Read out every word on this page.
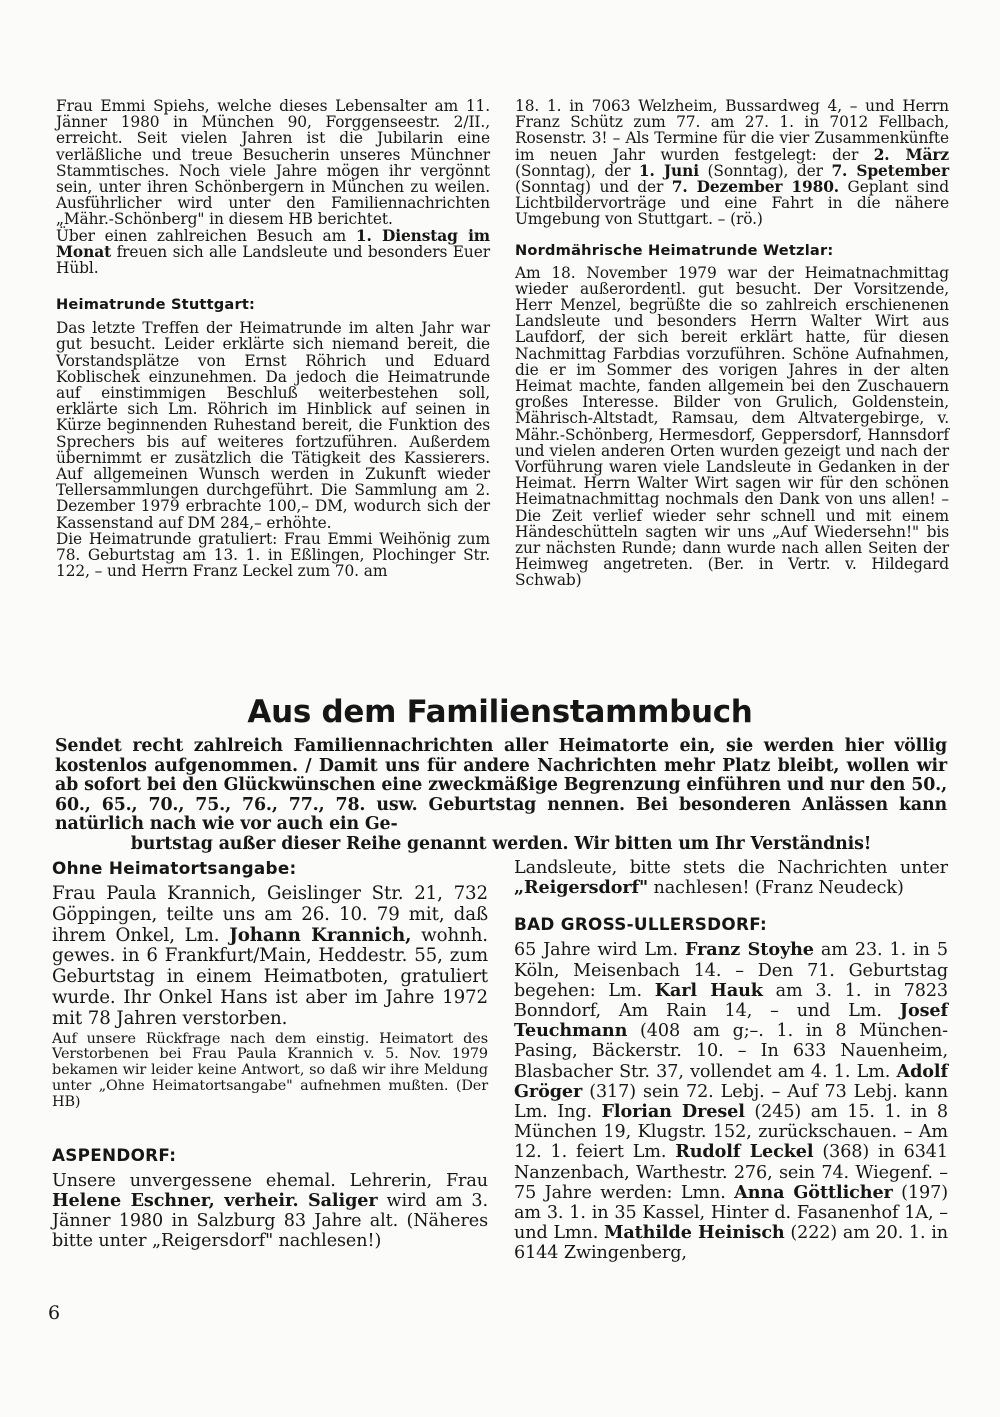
Frau Emmi Spiehs, welche dieses Lebensalter am 11. Jänner 1980 in München 90, Forggenseestr. 2/II., erreicht. Seit vielen Jahren ist die Jubilarin eine verläßliche und treue Besucherin unseres Münchner Stammtisches. Noch viele Jahre mögen ihr vergönnt sein, unter ihren Schönbergern in München zu weilen. Ausführlicher wird unter den Familiennachrichten „Mähr.-Schönberg" in diesem HB berichtet.

Über einen zahlreichen Besuch am 1. Dienstag im Monat freuen sich alle Landsleute und besonders Euer Hübl.

Heimatrunde Stuttgart:

Das letzte Treffen der Heimatrunde im alten Jahr war gut besucht. Leider erklärte sich niemand bereit, die Vorstandsplätze von Ernst Röhrich und Eduard Koblischek einzunehmen. Da jedoch die Heimatrunde auf einstimmigen Beschluß weiterbestehen soll, erklärte sich Lm. Röhrich im Hinblick auf seinen in Kürze beginnenden Ruhestand bereit, die Funktion des Sprechers bis auf weiteres fortzuführen. Außerdem übernimmt er zusätzlich die Tätigkeit des Kassierers. Auf allgemeinen Wunsch werden in Zukunft wieder Tellersammlungen durchgeführt. Die Sammlung am 2. Dezember 1979 erbrachte 100,– DM, wodurch sich der Kassenstand auf DM 284,– erhöhte.

Die Heimatrunde gratuliert: Frau Emmi Weihönig zum 78. Geburtstag am 13. 1. in Eßlingen, Plochinger Str. 122, – und Herrn Franz Leckel zum 70. am

18. 1. in 7063 Welzheim, Bussardweg 4, – und Herrn Franz Schütz zum 77. am 27. 1. in 7012 Fellbach, Rosenstr. 3! – Als Termine für die vier Zusammenkünfte im neuen Jahr wurden festgelegt: der 2. März (Sonntag), der 1. Juni (Sonntag), der 7. Spetember (Sonntag) und der 7. Dezember 1980. Geplant sind Lichtbildervorträge und eine Fahrt in die nähere Umgebung von Stuttgart. – (rö.)

Nordmährische Heimatrunde Wetzlar:

Am 18. November 1979 war der Heimatnachmittag wieder außerordentl. gut besucht. Der Vorsitzende, Herr Menzel, begrüßte die so zahlreich erschienenen Landsleute und besonders Herrn Walter Wirt aus Laufdorf, der sich bereit erklärt hatte, für diesen Nachmittag Farbdias vorzuführen. Schöne Aufnahmen, die er im Sommer des vorigen Jahres in der alten Heimat machte, fanden allgemein bei den Zuschauern großes Interesse. Bilder von Grulich, Goldenstein, Mährisch-Altstadt, Ramsau, dem Altvatergebirge, v. Mähr.-Schönberg, Hermesdorf, Geppersdorf, Hannsdorf und vielen anderen Orten wurden gezeigt und nach der Vorführung waren viele Landsleute in Gedanken in der Heimat. Herrn Walter Wirt sagen wir für den schönen Heimatnachmittag nochmals den Dank von uns allen! – Die Zeit verlief wieder sehr schnell und mit einem Händeschütteln sagten wir uns „Auf Wiedersehn!" bis zur nächsten Runde; dann wurde nach allen Seiten der Heimweg angetreten. (Ber. in Vertr. v. Hildegard Schwab)

Aus dem Familienstammbuch

Sendet recht zahlreich Familiennachrichten aller Heimatorte ein, sie werden hier völlig kostenlos aufgenommen. / Damit uns für andere Nachrichten mehr Platz bleibt, wollen wir ab sofort bei den Glückwünschen eine zweckmäßige Begrenzung einführen und nur den 50., 60., 65., 70., 75., 76., 77., 78. usw. Geburtstag nennen. Bei besonderen Anlässen kann natürlich nach wie vor auch ein Ge-
burtstag außer dieser Reihe genannt werden. Wir bitten um Ihr Verständnis!

Ohne Heimatortsangabe:

Frau Paula Krannich, Geislinger Str. 21, 732 Göppingen, teilte uns am 26. 10. 79 mit, daß ihrem Onkel, Lm. Johann Krannich, wohnh. gewes. in 6 Frankfurt/Main, Heddestr. 55, zum Geburtstag in einem Heimatboten, gratuliert wurde. Ihr Onkel Hans ist aber im Jahre 1972 mit 78 Jahren verstorben.

Auf unsere Rückfrage nach dem einstig. Heimatort des Verstorbenen bei Frau Paula Krannich v. 5. Nov. 1979 bekamen wir leider keine Antwort, so daß wir ihre Meldung unter „Ohne Heimatortsangabe" aufnehmen mußten. (Der HB)

ASPENDORF:

Unsere unvergessene ehemal. Lehrerin, Frau Helene Eschner, verheir. Saliger wird am 3. Jänner 1980 in Salzburg 83 Jahre alt. (Näheres bitte unter „Reigersdorf" nachlesen!)

Landsleute, bitte stets die Nachrichten unter „Reigersdorf" nachlesen! (Franz Neudeck)

BAD GROSS-ULLERSDORF:

65 Jahre wird Lm. Franz Stoyhe am 23. 1. in 5 Köln, Meisenbach 14. – Den 71. Geburtstag begehen: Lm. Karl Hauk am 3. 1. in 7823 Bonndorf, Am Rain 14, – und Lm. Josef Teuchmann (408 am g;–. 1. in 8 München-Pasing, Bäckerstr. 10. – In 633 Nauenheim, Blasbacher Str. 37, vollendet am 4. 1. Lm. Adolf Gröger (317) sein 72. Lebj. – Auf 73 Lebj. kann Lm. Ing. Florian Dresel (245) am 15. 1. in 8 München 19, Klugstr. 152, zurückschauen. – Am 12. 1. feiert Lm. Rudolf Leckel (368) in 6341 Nanzenbach, Warthestr. 276, sein 74. Wiegenf. – 75 Jahre werden: Lmn. Anna Göttlicher (197) am 3. 1. in 35 Kassel, Hinter d. Fasanenhof 1A, – und Lmn. Mathilde Heinisch (222) am 20. 1. in 6144 Zwingenberg,

6
